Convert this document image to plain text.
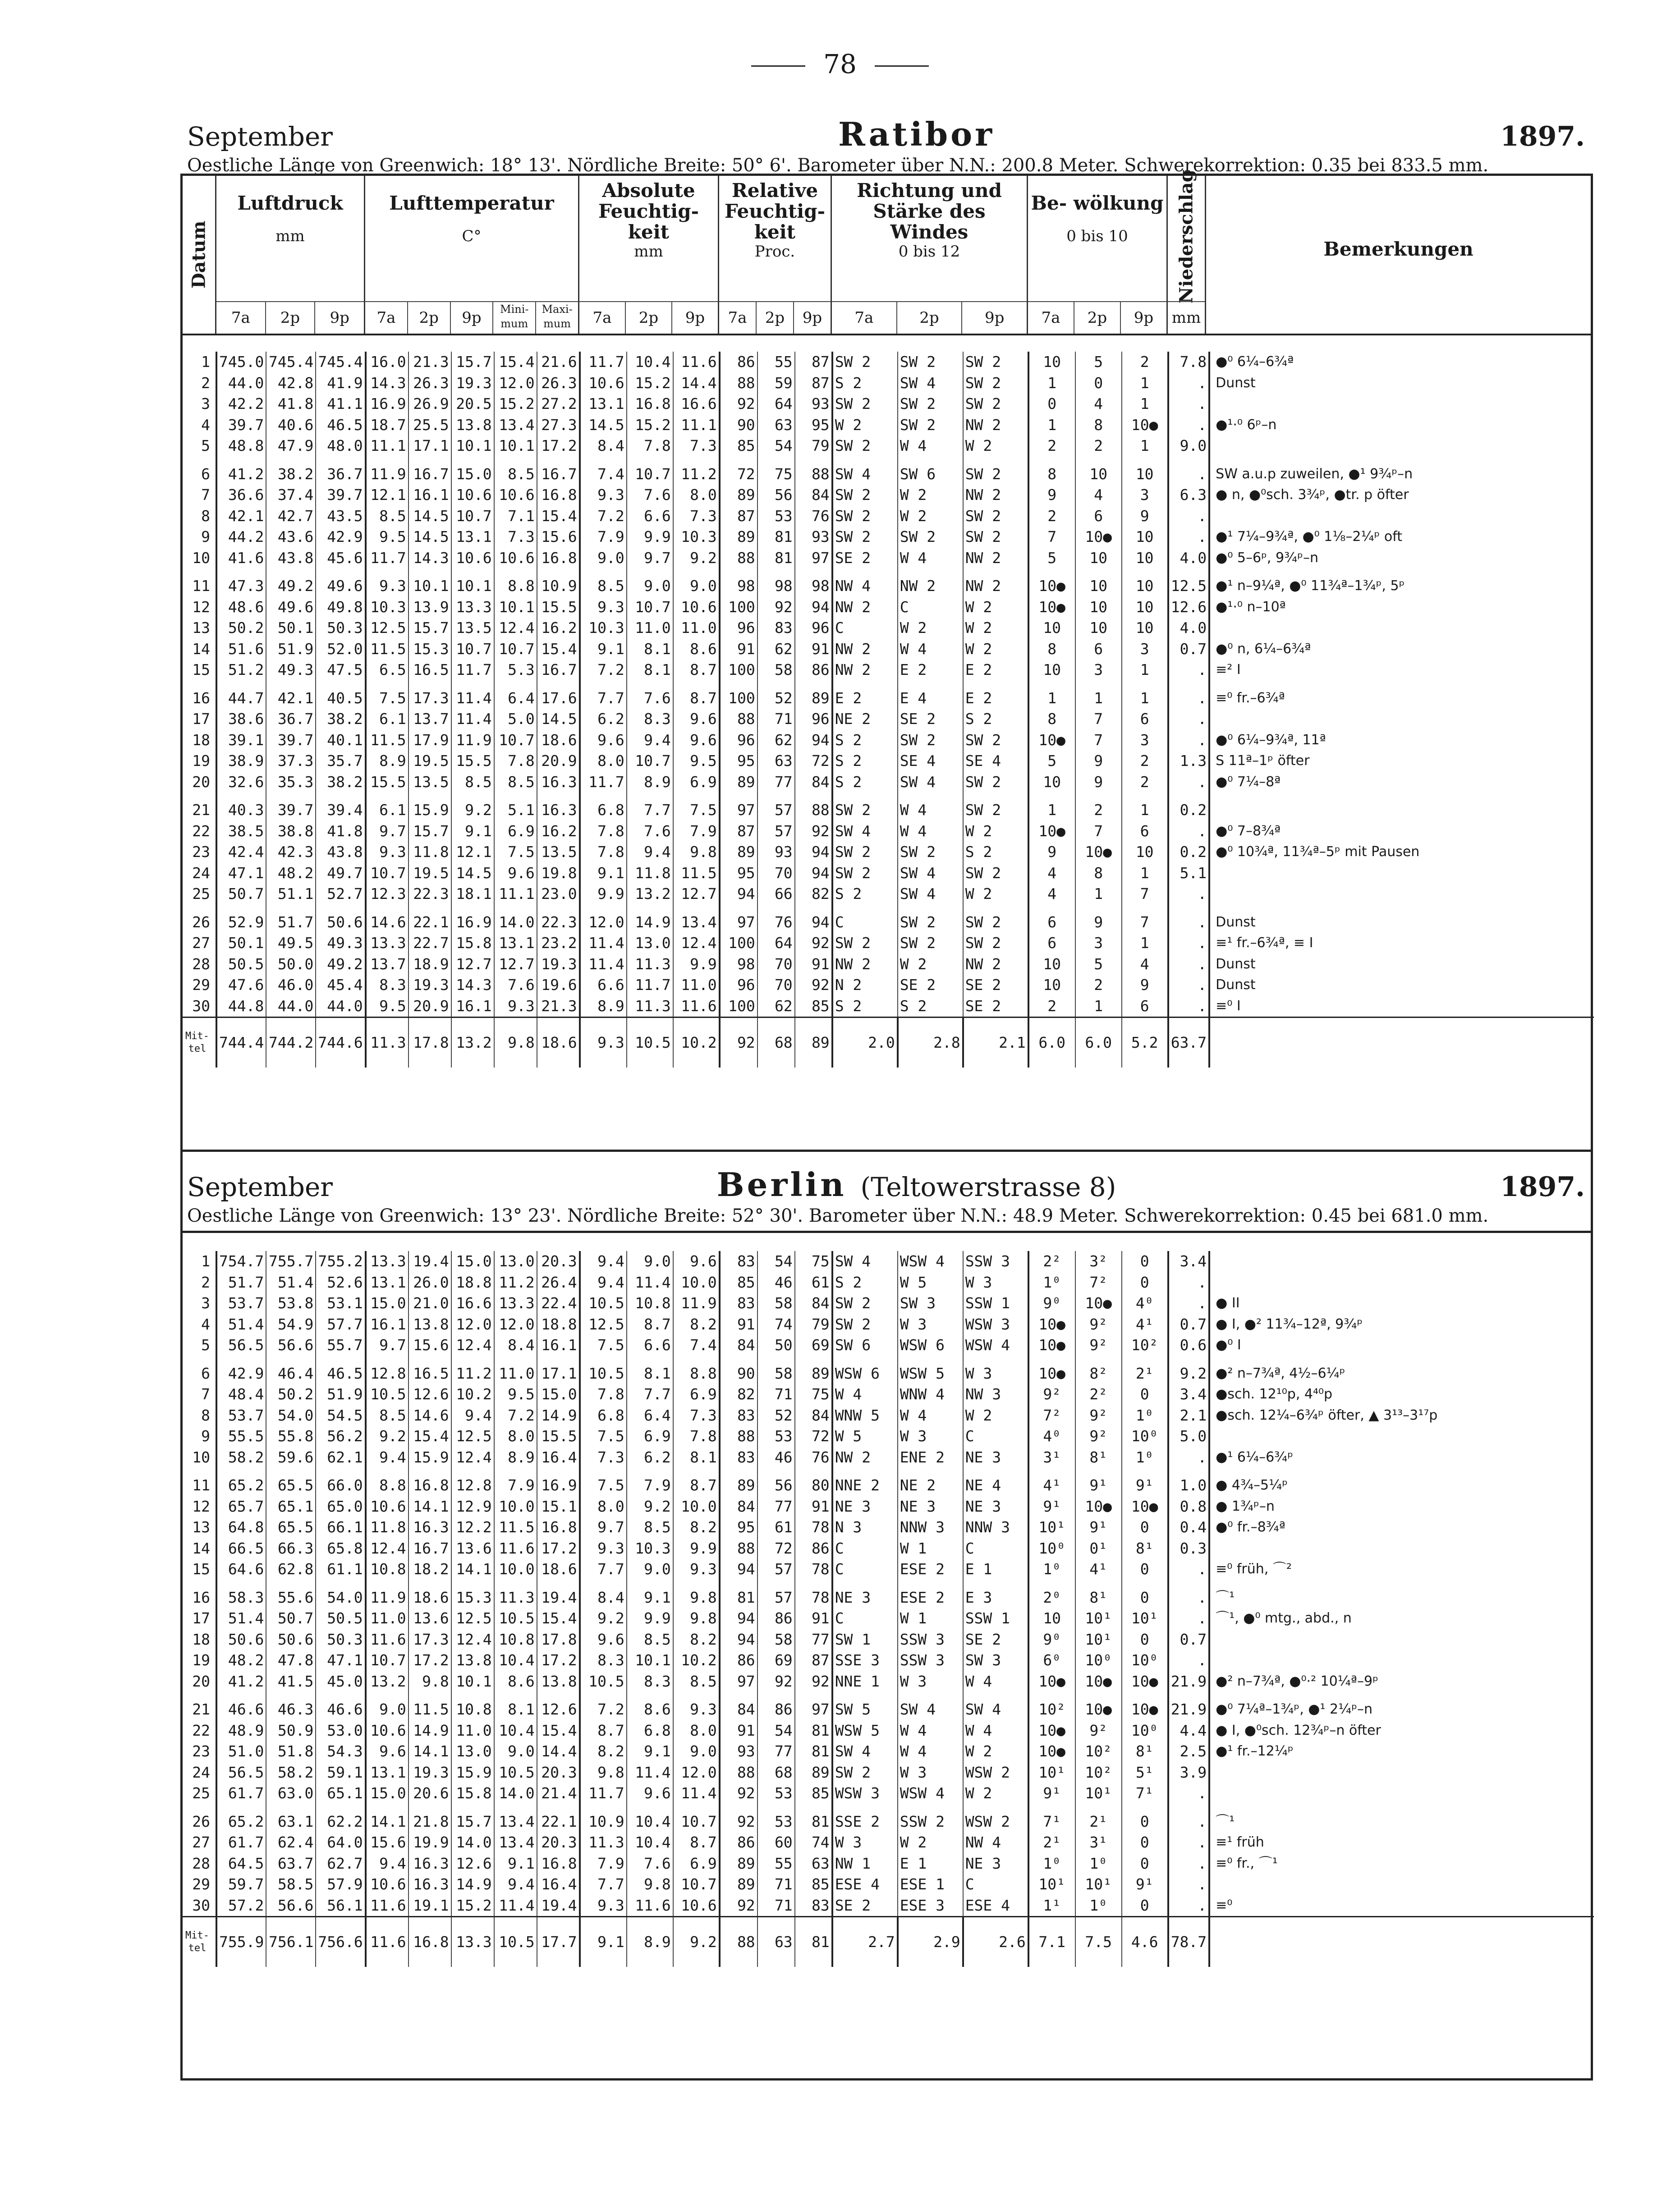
78
September	Ratibor	1897.
Oestliche Länge von Greenwich: 18° 13'. Nördliche Breite: 50° 6'. Barometer über N.N.: 200.8 Meter. Schwerekorrektion: 0.35 bei 833.5 mm.
Datum
Luftdruck
mm
7a	2p	9p
Lufttemperatur
C°
7a	2p	9p	Mini- mum
Maxi- mum
Absolute Feuchtig- keit
mm
7a	2p	9p
Relative Feuchtig- keit
Proc.
7a	2p	9p
Richtung und Stärke des Windes
0 bis 12
7a	2p	9p
Be- wölkung
0 bis 10
7a	2p	9p
Niederschlag
mm
Bemerkungen
1	745.0	745.4	745.4	16.0	21.3	15.7	15.4	21.6	11.7	10.4	11.6	86	55	87	SW 2	SW 2	SW 2	10	5	2	7.8	●⁰ 6¼–6¾ª
2	44.0	42.8	41.9	14.3	26.3	19.3	12.0	26.3	10.6	15.2	14.4	88	59	87	S 2	SW 4	SW 2	1	0	1	.	Dunst
3	42.2	41.8	41.1	16.9	26.9	20.5	15.2	27.2	13.1	16.8	16.6	92	64	93	SW 2	SW 2	SW 2	0	4	1	.	
4	39.7	40.6	46.5	18.7	25.5	13.8	13.4	27.3	14.5	15.2	11.1	90	63	95	W 2	SW 2	NW 2	1	8	10●	.	●¹·⁰ 6ᵖ–n
5	48.8	47.9	48.0	11.1	17.1	10.1	10.1	17.2	8.4	7.8	7.3	85	54	79	SW 2	W 4	W 2	2	2	1	9.0	
6	41.2	38.2	36.7	11.9	16.7	15.0	8.5	16.7	7.4	10.7	11.2	72	75	88	SW 4	SW 6	SW 2	8	10	10	.	SW a.u.p zuweilen, ●¹ 9¾ᵖ–n
7	36.6	37.4	39.7	12.1	16.1	10.6	10.6	16.8	9.3	7.6	8.0	89	56	84	SW 2	W 2	NW 2	9	4	3	6.3	● n, ●⁰sch. 3¾ᵖ, ●tr. p öfter
8	42.1	42.7	43.5	8.5	14.5	10.7	7.1	15.4	7.2	6.6	7.3	87	53	76	SW 2	W 2	SW 2	2	6	9	.	
9	44.2	43.6	42.9	9.5	14.5	13.1	7.3	15.6	7.9	9.9	10.3	89	81	93	SW 2	SW 2	SW 2	7	10●	10	.	●¹ 7¼–9¾ª, ●⁰ 1⅛–2¼ᵖ oft
10	41.6	43.8	45.6	11.7	14.3	10.6	10.6	16.8	9.0	9.7	9.2	88	81	97	SE 2	W 4	NW 2	5	10	10	4.0	●⁰ 5–6ᵖ, 9¾ᵖ–n
11	47.3	49.2	49.6	9.3	10.1	10.1	8.8	10.9	8.5	9.0	9.0	98	98	98	NW 4	NW 2	NW 2	10●	10	10	12.5	●¹ n–9¼ª, ●⁰ 11¾ª–1¾ᵖ, 5ᵖ
12	48.6	49.6	49.8	10.3	13.9	13.3	10.1	15.5	9.3	10.7	10.6	100	92	94	NW 2	C	W 2	10●	10	10	12.6	●¹·⁰ n–10ª
13	50.2	50.1	50.3	12.5	15.7	13.5	12.4	16.2	10.3	11.0	11.0	96	83	96	C	W 2	W 2	10	10	10	4.0	
14	51.6	51.9	52.0	11.5	15.3	10.7	10.7	15.4	9.1	8.1	8.6	91	62	91	NW 2	W 4	W 2	8	6	3	0.7	●⁰ n, 6¼–6¾ª
15	51.2	49.3	47.5	6.5	16.5	11.7	5.3	16.7	7.2	8.1	8.7	100	58	86	NW 2	E 2	E 2	10	3	1	.	≡² I
16	44.7	42.1	40.5	7.5	17.3	11.4	6.4	17.6	7.7	7.6	8.7	100	52	89	E 2	E 4	E 2	1	1	1	.	≡⁰ fr.–6¾ª
17	38.6	36.7	38.2	6.1	13.7	11.4	5.0	14.5	6.2	8.3	9.6	88	71	96	NE 2	SE 2	S 2	8	7	6	.	
18	39.1	39.7	40.1	11.5	17.9	11.9	10.7	18.6	9.6	9.4	9.6	96	62	94	S 2	SW 2	SW 2	10●	7	3	.	●⁰ 6¼–9¾ª, 11ª
19	38.9	37.3	35.7	8.9	19.5	15.5	7.8	20.9	8.0	10.7	9.5	95	63	72	S 2	SE 4	SE 4	5	9	2	1.3	S 11ª–1ᵖ öfter
20	32.6	35.3	38.2	15.5	13.5	8.5	8.5	16.3	11.7	8.9	6.9	89	77	84	S 2	SW 4	SW 2	10	9	2	.	●⁰ 7¼–8ª
21	40.3	39.7	39.4	6.1	15.9	9.2	5.1	16.3	6.8	7.7	7.5	97	57	88	SW 2	W 4	SW 2	1	2	1	0.2	
22	38.5	38.8	41.8	9.7	15.7	9.1	6.9	16.2	7.8	7.6	7.9	87	57	92	SW 4	W 4	W 2	10●	7	6	.	●⁰ 7–8¾ª
23	42.4	42.3	43.8	9.3	11.8	12.1	7.5	13.5	7.8	9.4	9.8	89	93	94	SW 2	SW 2	S 2	9	10●	10	0.2	●⁰ 10¾ª, 11¾ª–5ᵖ mit Pausen
24	47.1	48.2	49.7	10.7	19.5	14.5	9.6	19.8	9.1	11.8	11.5	95	70	94	SW 2	SW 4	SW 2	4	8	1	5.1	
25	50.7	51.1	52.7	12.3	22.3	18.1	11.1	23.0	9.9	13.2	12.7	94	66	82	S 2	SW 4	W 2	4	1	7	.	
26	52.9	51.7	50.6	14.6	22.1	16.9	14.0	22.3	12.0	14.9	13.4	97	76	94	C	SW 2	SW 2	6	9	7	.	Dunst
27	50.1	49.5	49.3	13.3	22.7	15.8	13.1	23.2	11.4	13.0	12.4	100	64	92	SW 2	SW 2	SW 2	6	3	1	.	≡¹ fr.–6¾ª, ≡ I
28	50.5	50.0	49.2	13.7	18.9	12.7	12.7	19.3	11.4	11.3	9.9	98	70	91	NW 2	W 2	NW 2	10	5	4	.	Dunst
29	47.6	46.0	45.4	8.3	19.3	14.3	7.6	19.6	6.6	11.7	11.0	96	70	92	N 2	SE 2	SE 2	10	2	9	.	Dunst
30	44.8	44.0	44.0	9.5	20.9	16.1	9.3	21.3	8.9	11.3	11.6	100	62	85	S 2	S 2	SE 2	2	1	6	.	≡⁰ I
Mit- tel	744.4	744.2	744.6	11.3	17.8	13.2	9.8	18.6	9.3	10.5	10.2	92	68	89	2.0	2.8	2.1	6.0	6.0	5.2	63.7	
September	Berlin (Teltowerstrasse 8)	1897.
Oestliche Länge von Greenwich: 13° 23'. Nördliche Breite: 52° 30'. Barometer über N.N.: 48.9 Meter. Schwerekorrektion: 0.45 bei 681.0 mm.
1	754.7	755.7	755.2	13.3	19.4	15.0	13.0	20.3	9.4	9.0	9.6	83	54	75	SW 4	WSW 4	SSW 3	2²	3²	0	3.4	
2	51.7	51.4	52.6	13.1	26.0	18.8	11.2	26.4	9.4	11.4	10.0	85	46	61	S 2	W 5	W 3	1⁰	7²	0	.	
3	53.7	53.8	53.1	15.0	21.0	16.6	13.3	22.4	10.5	10.8	11.9	83	58	84	SW 2	SW 3	SSW 1	9⁰	10●	4⁰	.	● II
4	51.4	54.9	57.7	16.1	13.8	12.0	12.0	18.8	12.5	8.7	8.2	91	74	79	SW 2	W 3	WSW 3	10●	9²	4¹	0.7	● I, ●² 11¾–12ª, 9¾ᵖ
5	56.5	56.6	55.7	9.7	15.6	12.4	8.4	16.1	7.5	6.6	7.4	84	50	69	SW 6	WSW 6	WSW 4	10●	9²	10²	0.6	●⁰ I
6	42.9	46.4	46.5	12.8	16.5	11.2	11.0	17.1	10.5	8.1	8.8	90	58	89	WSW 6	WSW 5	W 3	10●	8²	2¹	9.2	●² n–7¾ª, 4½–6¼ᵖ
7	48.4	50.2	51.9	10.5	12.6	10.2	9.5	15.0	7.8	7.7	6.9	82	71	75	W 4	WNW 4	NW 3	9²	2²	0	3.4	●sch. 12¹⁰p, 4⁴⁰p
8	53.7	54.0	54.5	8.5	14.6	9.4	7.2	14.9	6.8	6.4	7.3	83	52	84	WNW 5	W 4	W 2	7²	9²	1⁰	2.1	●sch. 12¼–6¾ᵖ öfter, ▲ 3¹³–3¹⁷p
9	55.5	55.8	56.2	9.2	15.4	12.5	8.0	15.5	7.5	6.9	7.8	88	53	72	W 5	W 3	C	4⁰	9²	10⁰	5.0	
10	58.2	59.6	62.1	9.4	15.9	12.4	8.9	16.4	7.3	6.2	8.1	83	46	76	NW 2	ENE 2	NE 3	3¹	8¹	1⁰	.	●¹ 6¼–6¾ᵖ
11	65.2	65.5	66.0	8.8	16.8	12.8	7.9	16.9	7.5	7.9	8.7	89	56	80	NNE 2	NE 2	NE 4	4¹	9¹	9¹	1.0	● 4¾–5¼ᵖ
12	65.7	65.1	65.0	10.6	14.1	12.9	10.0	15.1	8.0	9.2	10.0	84	77	91	NE 3	NE 3	NE 3	9¹	10●	10●	0.8	● 1¾ᵖ–n
13	64.8	65.5	66.1	11.8	16.3	12.2	11.5	16.8	9.7	8.5	8.2	95	61	78	N 3	NNW 3	NNW 3	10¹	9¹	0	0.4	●⁰ fr.–8¾ª
14	66.5	66.3	65.8	12.4	16.7	13.6	11.6	17.2	9.3	10.3	9.9	88	72	86	C	W 1	C	10⁰	0¹	8¹	0.3	
15	64.6	62.8	61.1	10.8	18.2	14.1	10.0	18.6	7.7	9.0	9.3	94	57	78	C	ESE 2	E 1	1⁰	4¹	0	.	≡⁰ früh, ⌒²
16	58.3	55.6	54.0	11.9	18.6	15.3	11.3	19.4	8.4	9.1	9.8	81	57	78	NE 3	ESE 2	E 3	2⁰	8¹	0	.	⌒¹
17	51.4	50.7	50.5	11.0	13.6	12.5	10.5	15.4	9.2	9.9	9.8	94	86	91	C	W 1	SSW 1	10	10¹	10¹	.	⌒¹, ●⁰ mtg., abd., n
18	50.6	50.6	50.3	11.6	17.3	12.4	10.8	17.8	9.6	8.5	8.2	94	58	77	SW 1	SSW 3	SE 2	9⁰	10¹	0	0.7	
19	48.2	47.8	47.1	10.7	17.2	13.8	10.4	17.2	8.3	10.1	10.2	86	69	87	SSE 3	SSW 3	SW 3	6⁰	10⁰	10⁰	.	
20	41.2	41.5	45.0	13.2	9.8	10.1	8.6	13.8	10.5	8.3	8.5	97	92	92	NNE 1	W 3	W 4	10●	10●	10●	21.9	●² n–7¾ª, ●⁰·² 10¼ª–9ᵖ
21	46.6	46.3	46.6	9.0	11.5	10.8	8.1	12.6	7.2	8.6	9.3	84	86	97	SW 5	SW 4	SW 4	10²	10●	10●	21.9	●⁰ 7¼ª–1¾ᵖ, ●¹ 2¼ᵖ–n
22	48.9	50.9	53.0	10.6	14.9	11.0	10.4	15.4	8.7	6.8	8.0	91	54	81	WSW 5	W 4	W 4	10●	9²	10⁰	4.4	● I, ●⁰sch. 12¾ᵖ–n öfter
23	51.0	51.8	54.3	9.6	14.1	13.0	9.0	14.4	8.2	9.1	9.0	93	77	81	SW 4	W 4	W 2	10●	10²	8¹	2.5	●¹ fr.–12¼ᵖ
24	56.5	58.2	59.1	13.1	19.3	15.9	10.5	20.3	9.8	11.4	12.0	88	68	89	SW 2	W 3	WSW 2	10¹	10²	5¹	3.9	
25	61.7	63.0	65.1	15.0	20.6	15.8	14.0	21.4	11.7	9.6	11.4	92	53	85	WSW 3	WSW 4	W 2	9¹	10¹	7¹	.	
26	65.2	63.1	62.2	14.1	21.8	15.7	13.4	22.1	10.9	10.4	10.7	92	53	81	SSE 2	SSW 2	WSW 2	7¹	2¹	0	.	⌒¹
27	61.7	62.4	64.0	15.6	19.9	14.0	13.4	20.3	11.3	10.4	8.7	86	60	74	W 3	W 2	NW 4	2¹	3¹	0	.	≡¹ früh
28	64.5	63.7	62.7	9.4	16.3	12.6	9.1	16.8	7.9	7.6	6.9	89	55	63	NW 1	E 1	NE 3	1⁰	1⁰	0	.	≡⁰ fr., ⌒¹
29	59.7	58.5	57.9	10.6	16.3	14.9	9.4	16.4	7.7	9.8	10.7	89	71	85	ESE 4	ESE 1	C	10¹	10¹	9¹	.	
30	57.2	56.6	56.1	11.6	19.1	15.2	11.4	19.4	9.3	11.6	10.6	92	71	83	SE 2	ESE 3	ESE 4	1¹	1⁰	0	.	≡⁰
Mit- tel	755.9	756.1	756.6	11.6	16.8	13.3	10.5	17.7	9.1	8.9	9.2	88	63	81	2.7	2.9	2.6	7.1	7.5	4.6	78.7	
